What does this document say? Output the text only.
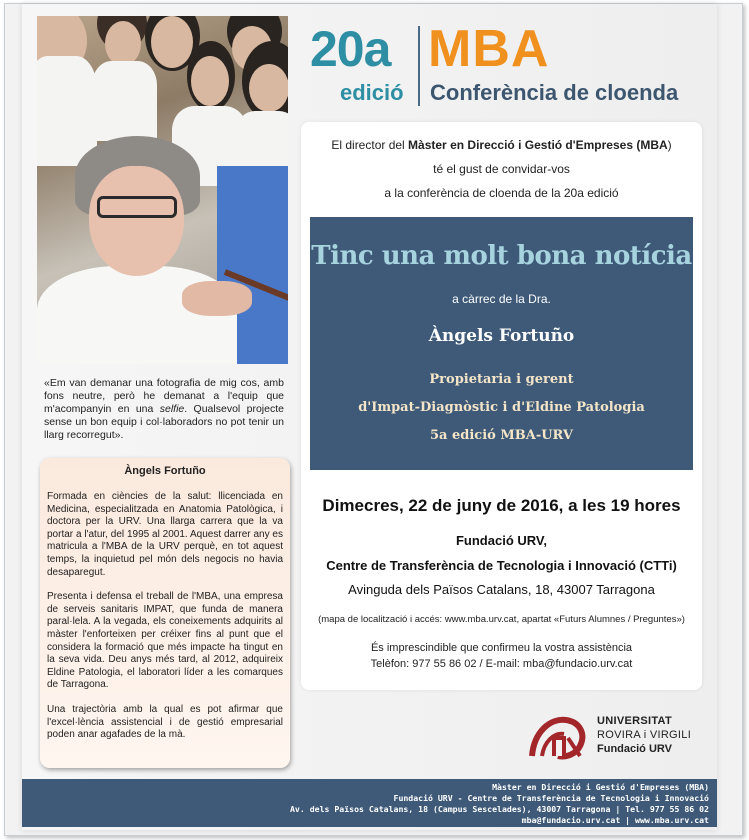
«Em van demanar una fotografia de mig cos, amb fons neutre, però he demanat a l'equip que m'acompanyin en una selfie. Qualsevol projecte sense un bon equip i col·laboradors no pot tenir un llarg recorregut».
Àngels Fortuño

Formada en ciències de la salut: llicenciada en Medicina, especialitzada en Anatomia Patològica, i doctora per la URV. Una llarga carrera que la va portar a l'atur, del 1995 al 2001. Aquest darrer any es matricula a l'MBA de la URV perquè, en tot aquest temps, la inquietud pel món dels negocis no havia desaparegut.

Presenta i defensa el treball de l'MBA, una empresa de serveis sanitaris IMPAT, que funda de manera paral·lela. A la vegada, els coneixements adquirits al màster l'enforteixen per créixer fins al punt que el considera la formació que més impacte ha tingut en la seva vida. Deu anys més tard, al 2012, adquireix Eldine Patologia, el laboratori líder a les comarques de Tarragona.

Una trajectòria amb la qual es pot afirmar que l'excel·lència assistencial i de gestió empresarial poden anar agafades de la mà.

20a
edició
MBA
Conferència de cloenda
El director del Màster en Direcció i Gestió d'Empreses (MBA)
té el gust de convidar-vos
a la conferència de cloenda de la 20a edició
Tinc una molt bona notícia
a càrrec de la Dra.
Àngels Fortuño
Propietaria i gerent
d'Impat-Diagnòstic i d'Eldine Patologia
5a edició MBA-URV
Dimecres, 22 de juny de 2016, a les 19 hores
Fundació URV,
Centre de Transferència de Tecnologia i Innovació (CTTi)
Avinguda dels Països Catalans, 18, 43007 Tarragona
(mapa de localització i accés: www.mba.urv.cat, apartat «Futurs Alumnes / Preguntes»)
És imprescindible que confirmeu la vostra assistència
Telèfon: 977 55 86 02 / E-mail: mba@fundacio.urv.cat
UNIVERSITAT
ROVIRA i VIRGILI
Fundació URV
Màster en Direcció i Gestió d'Empreses (MBA)
Fundació URV - Centre de Transferència de Tecnologia i Innovació
Av. dels Països Catalans, 18 (Campus Sescelades), 43007 Tarragona | Tel. 977 55 86 02
mba@fundacio.urv.cat | www.mba.urv.cat
